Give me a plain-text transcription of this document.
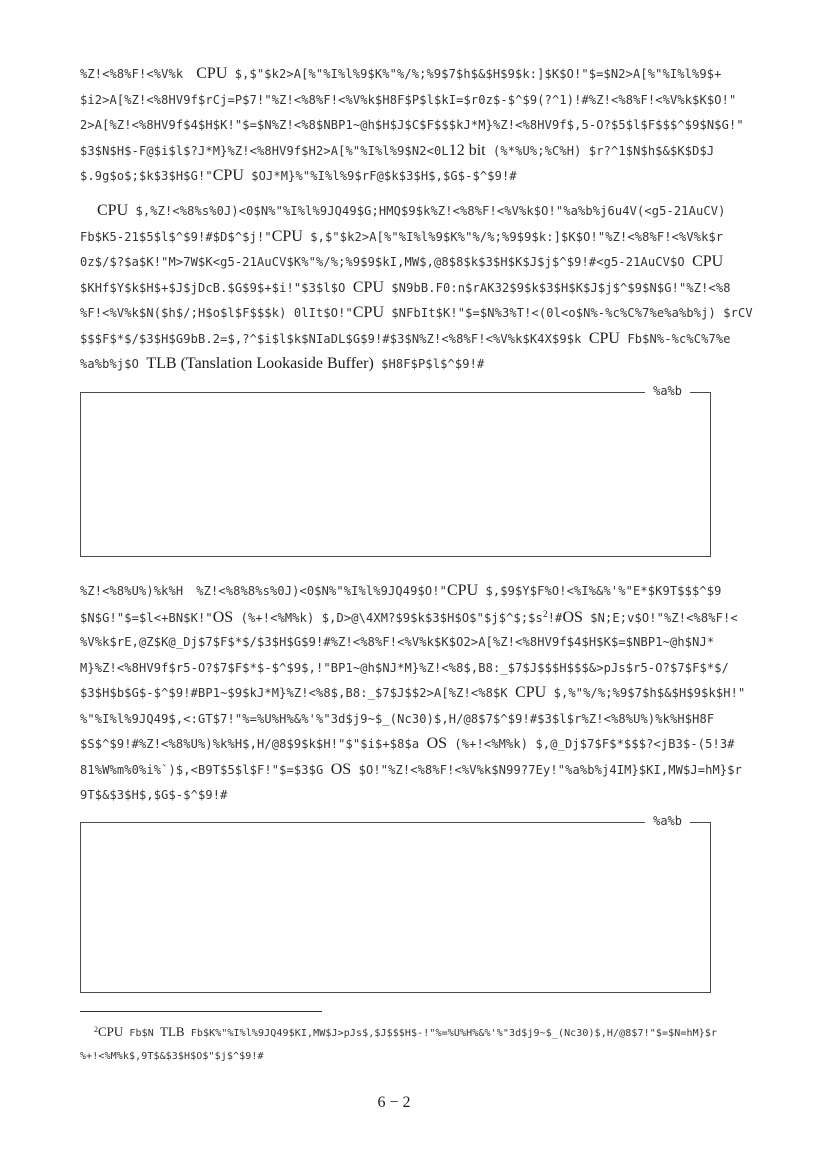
%Z!<%8%F!<%V%k CPU $,$"$k2>A[%"%I%l%9$K%"%/%;%9$7$h$&$H$9$k:]$K$O!"$=$N2>A[%"%I%l%9$+
$i2>A[%Z!<%8HV9f$rCj=P$7!"%Z!<%8%F!<%V%k$H8F$P$l$kI=$r0z$-$^$9(?^1)!#%Z!<%8%F!<%V%k$K$O!"
2>A[%Z!<%8HV9f$4$H$K!"$=$N%Z!<%8$NBP1~@h$H$J$C$F$$$kJ*M}%Z!<%8HV9f$,5-O?$5$l$F$$$^$9$N$G!"
$3$N$H$-F@$i$l$?J*M}%Z!<%8HV9f$H2>A[%"%I%l%9$N2<0L12 bit (%*%U%;%C%H) $r?^1$N$h$&$K$D$J
$.9g$o$;$k$3$H$G!"CPU $OJ*M}%"%I%l%9$rF@$k$3$H$,$G$-$^$9!#
CPU $,%Z!<%8%s%0J)<0$N%"%I%l%9JQ49$G;HMQ$9$k%Z!<%8%F!<%V%k$O!"%a%b%j6u4V(<g5-21AuCV)
Fb$K5-21$5$l$^$9!#$D$^$j!"CPU $,$"$k2>A[%"%I%l%9$K%"%/%;%9$9$k:]$K$O!"%Z!<%8%F!<%V%k$r
0z$/$?$a$K!"M>7W$K<g5-21AuCV$K%"%/%;%9$9$kI,MW$,@8$8$k$3$H$K$J$j$^$9!#<g5-21AuCV$O CPU
$KHf$Y$k$H$+$J$jDcB.$G$9$+$i!"$3$l$O CPU $N9bB.F0:n$rAK32$9$k$3$H$K$J$j$^$9$N$G!"%Z!<%8
%F!<%V%k$N($h$/;H$o$l$F$$$k) 0lIt$O!"CPU $NFbIt$K!"$=$N%3%T!<(0l<o$N%-%c%C%7%e%a%b%j) $rCV
$$$F$*$/$3$H$G9bB.2=$,?^$i$l$k$NIaDL$G$9!#$3$N%Z!<%8%F!<%V%k$K4X$9$k CPU Fb$N%-%c%C%7%e
%a%b%j$O TLB (Tanslation Lookaside Buffer) $H8F$P$l$^$9!#
%a%b
%Z!<%8%U%)%k%H %Z!<%8%8%s%0J)<0$N%"%I%l%9JQ49$O!"CPU $,$9$Y$F%O!<%I%&%'%"E*$K9T$$$^$9
$N$G!"$=$l<+BN$K!"OS (%+!<%M%k) $\$,D>@\backslash 4XM?\$9\$k\$3\$H\$O\$"\$j\$\^{}\$;\$s^2!\#OS$ $N;E;v$O!"%Z!<%8%F!<
%V%k$rE,@Z$K@_Dj$7$F$*$/$3$H$G$9!#%Z!<%8%F!<%V%k$K$O2>A[%Z!<%8HV9f$4$H$K$=$NBP1~@h$NJ*
M}%Z!<%8HV9f$r5-O?$7$F$*$-$^$9$,!"BP1~@h$NJ*M}%Z!<%8$,B8:_$7$J$$$H$$$&>pJs$r5-O?$7$F$*$/
$3$H$b$G$-$^$9!#BP1~$9$kJ*M}%Z!<%8$,B8:_$7$J$$2>A[%Z!<%8$K CPU $,%"%/%;%9$7$h$&$H$9$k$H!"
%"%I%l%9JQ49$,<:GT$7!"%=%U%H%&%'%"3d$j9~$_(Nc30)$,H/@8$7$^$9!#$3$l$r%Z!<%8%U%)%k%H$H8F
$S$^$9!#%Z!<%8%U%)%k%H$,H/@8$9$k$H!"$"$i$+$8$a OS (%+!<%M%k) $,@_Dj$7$F$*$$$?<jB3$-(5!3#
81%W%m%0%i%`)$,<B9T$5$l$F!"$=$3$G OS $O!"%Z!<%8%F!<%V%k$N99?7Ey!"%a%b%j4IM}$KI,MW$J=hM}$r
9T$&$3$H$,$G$-$^$9!#
%a%b
$^2$CPU Fb$N TLB Fb$K%"%I%l%9JQ49$KI,MW$J>pJs$,$J$$$H$-!"%=%U%H%&%'%"3d$j9~$_(Nc30)$,H/@8$7!"$=$N=hM}$r
%+!<%M%k$,9T$&$3$H$O$"$j$^$9!#
6 − 2
